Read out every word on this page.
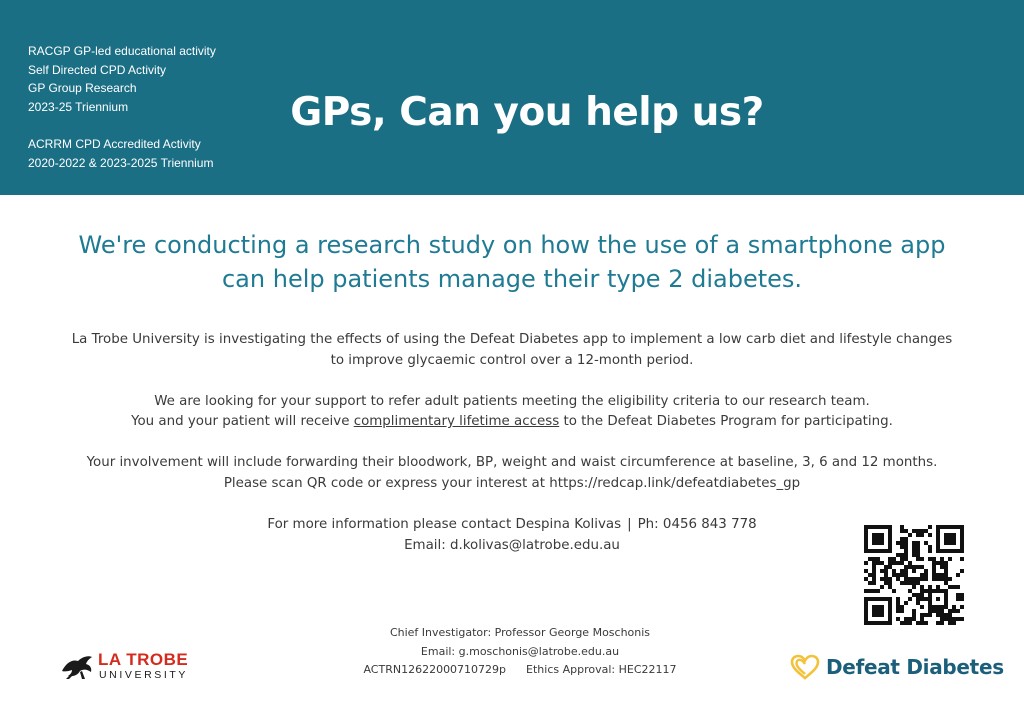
RACGP GP-led educational activity
Self Directed CPD Activity
GP Group Research
2023-25 Triennium
ACRRM CPD Accredited Activity
2020-2022 & 2023-2025 Triennium
GPs, Can you help us?
We're conducting a research study on how the use of a smartphone app
can help patients manage their type 2 diabetes.

La Trobe University is investigating the effects of using the Defeat Diabetes app to implement a low carb diet and lifestyle changes

to improve glycaemic control over a 12-month period.

We are looking for your support to refer adult patients meeting the eligibility criteria to our research team.

You and your patient will receive complimentary lifetime access to the Defeat Diabetes Program for participating.

Your involvement will include forwarding their bloodwork, BP, weight and waist circumference at baseline, 3, 6 and 12 months.

Please scan QR code or express your interest at https://redcap.link/defeatdiabetes_gp

For more information please contact Despina Kolivas | Ph: 0456 843 778
Email: d.kolivas@latrobe.edu.au
Chief Investigator: Professor George Moschonis
Email: g.moschonis@latrobe.edu.au
ACTRN12622000710729p Ethics Approval: HEC22117
LA TROBE
UNIVERSITY	Defeat Diabetes
